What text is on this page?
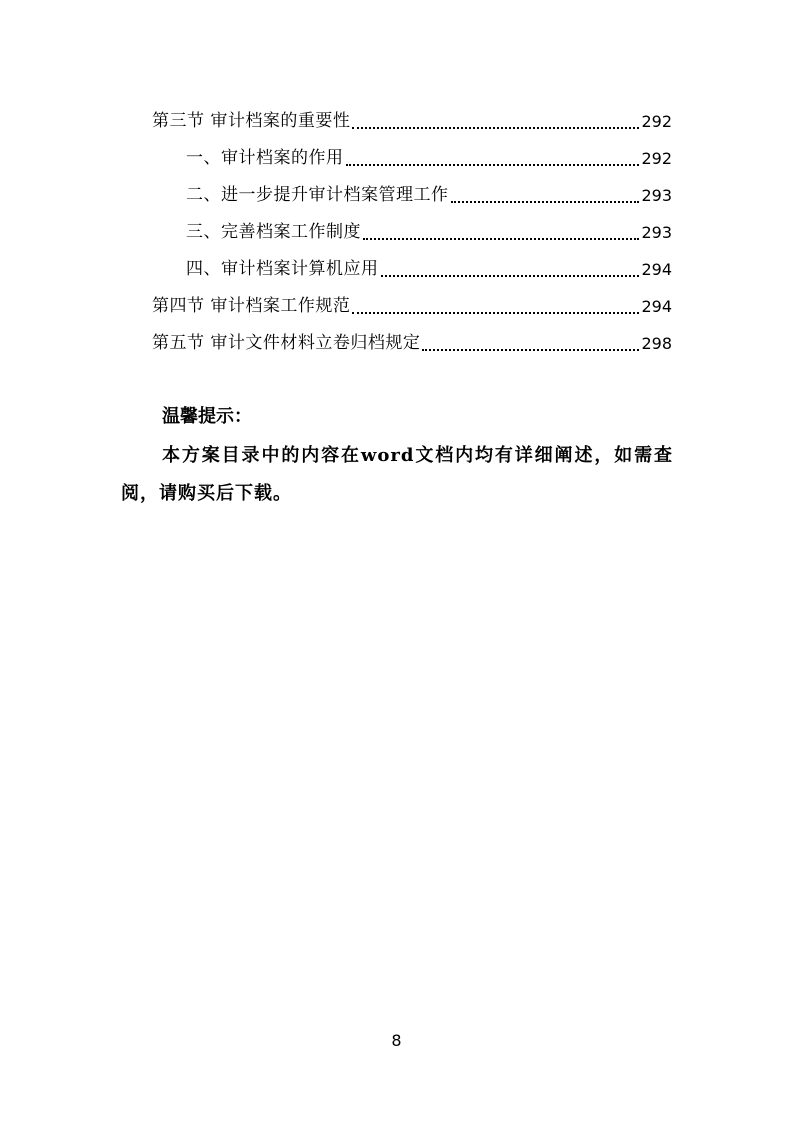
第三节 审计档案的重要性	292
一、审计档案的作用	292
二、进一步提升审计档案管理工作	293
三、完善档案工作制度	293
四、审计档案计算机应用	294
第四节 审计档案工作规范	294
第五节 审计文件材料立卷归档规定	298

温馨提示：

本方案目录中的内容在word文档内均有详细阐述，如需查阅，请购买后下载。

8
